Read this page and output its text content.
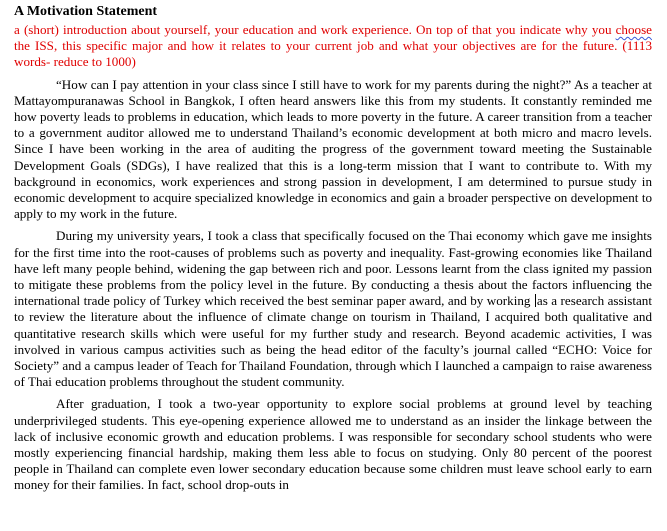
A Motivation Statement
a (short) introduction about yourself, your education and work experience. On top of that you indicate why you choose the ISS, this specific major and how it relates to your current job and what your objectives are for the future. (1113 words- reduce to 1000)

“How can I pay attention in your class since I still have to work for my parents during the night?” As a teacher at Mattayompuranawas School in Bangkok, I often heard answers like this from my students. It constantly reminded me how poverty leads to problems in education, which leads to more poverty in the future. A career transition from a teacher to a government auditor allowed me to understand Thailand’s economic development at both micro and macro levels. Since I have been working in the area of auditing the progress of the government toward meeting the Sustainable Development Goals (SDGs), I have realized that this is a long-term mission that I want to contribute to. With my background in economics, work experiences and strong passion in development, I am determined to pursue study in economic development to acquire specialized knowledge in economics and gain a broader perspective on development to apply to my work in the future.

During my university years, I took a class that specifically focused on the Thai economy which gave me insights for the first time into the root-causes of problems such as poverty and inequality. Fast-growing economies like Thailand have left many people behind, widening the gap between rich and poor. Lessons learnt from the class ignited my passion to mitigate these problems from the policy level in the future. By conducting a thesis about the factors influencing the international trade policy of Turkey which received the best seminar paper award, and by working as a research assistant to review the literature about the influence of climate change on tourism in Thailand, I acquired both qualitative and quantitative research skills which were useful for my further study and research. Beyond academic activities, I was involved in various campus activities such as being the head editor of the faculty’s journal called “ECHO: Voice for Society” and a campus leader of Teach for Thailand Foundation, through which I launched a campaign to raise awareness of Thai education problems throughout the student community.

After graduation, I took a two-year opportunity to explore social problems at ground level by teaching underprivileged students. This eye-opening experience allowed me to understand as an insider the linkage between the lack of inclusive economic growth and education problems. I was responsible for secondary school students who were mostly experiencing financial hardship, making them less able to focus on studying. Only 80 percent of the poorest people in Thailand can complete even lower secondary education because some children must leave school early to earn money for their families. In fact, school drop-outs in
